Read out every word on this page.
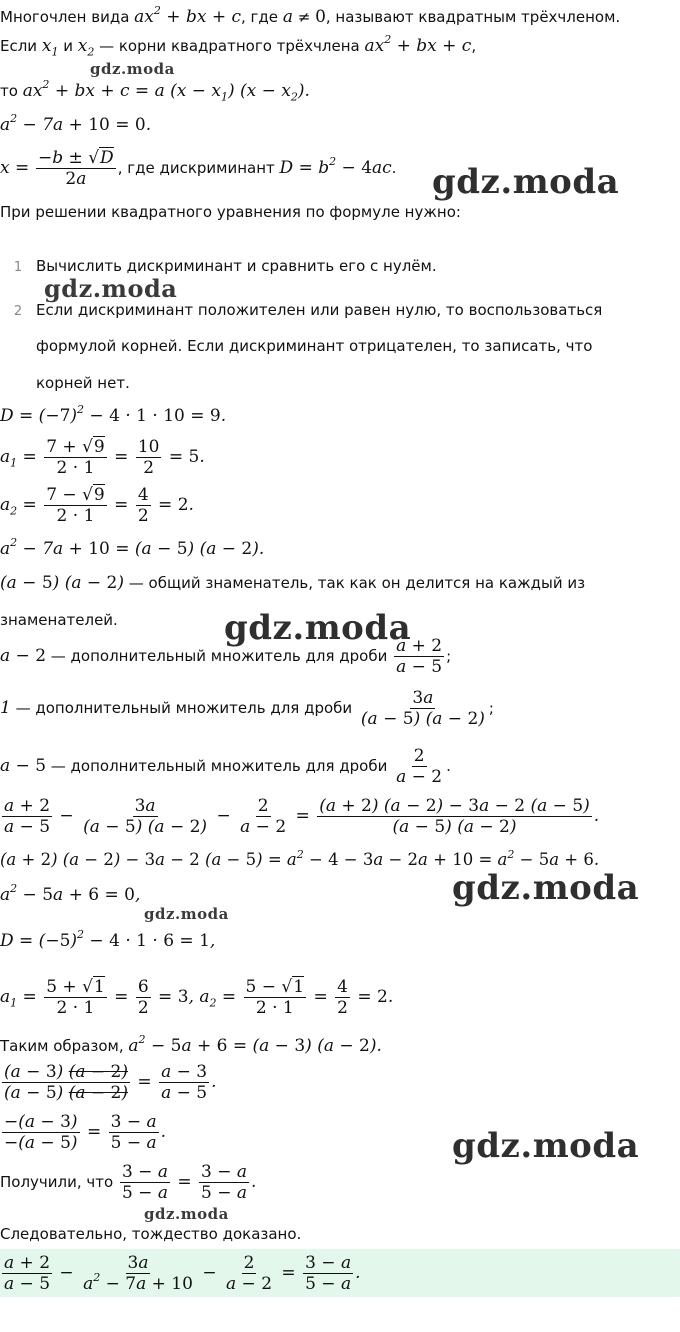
Многочлен вида $ax^2$ + bx + c, где a ≠ 0, называют квадратным трёхчленом.
Если $x_1$ и $x_2$ — корни квадратного трёхчлена $ax^2$ + bx + c,
gdz.moda
то $ax^2$ + bx + c = a $(x - x_1)$ $(x - x_2)$.
$a^2 - 7a + 10 = 0$.
$x = \frac{-b \pm √D}{2a}$ , где дискриминант $D = b^2 - 4ac$. gdz.moda
При решении квадратного уравнения по формуле нужно:
1 Вычислить дискриминант и сравнить его с нулём.
gdz.moda
2 Если дискриминант положителен или равен нулю, то воспользоваться
формулой корней. Если дискриминант отрицателен, то записать, что
корней нет.
$D = (-7)^2 - 4 \cdot 1 \cdot 10 = 9$.
$a_1 = \frac{7 + √9}{2 \cdot 1} = \frac{10}{2} = 5$.
$a_2 = \frac{7 - √9}{2 \cdot 1} = \frac{4}{2} = 2$.
$a^2 - 7a + 10 = (a - 5) (a - 2)$.
(a − 5) (a − 2) — общий знаменатель, так как он делится на каждый из
знаменателей.	gdz.moda
a − 2 — дополнительный множитель для дроби $\frac{a + 2}{a - 5}$ ;
1 — дополнительный множитель для дроби $\frac{3a}{(a - 5) (a - 2)}$ ;
a − 5 — дополнительный множитель для дроби $\frac{2}{a - 2}$ .
$\frac{a + 2}{a - 5} - \frac{3a}{(a - 5) (a - 2)} - \frac{2}{a - 2} = \frac{(a + 2) (a - 2) - 3a - 2 (a - 5)}{(a - 5) (a - 2)}$ .
(a + 2) (a − 2) − 3a − 2 $(a - 5) = a^2 - 4 - 3a - 2a + 10 = a^2 - 5a + 6$.
gdz.moda
$a^2 - 5a + 6 = 0$,
gdz.moda
$D = (-5)^2 - 4 \cdot 1 \cdot 6 = 1$,
$a_1 = \frac{5 + √1}{2 \cdot 1} = \frac{6}{2} = 3$, $a_2 = \frac{5 - √1}{2 \cdot 1} = \frac{4}{2} = 2$.
Таким образом, $a^2 - 5a + 6 = (a - 3) (a - 2)$.
$\frac{(a - 3) (a - 2)}{(a - 5) (a - 2)} = \frac{a - 3}{a - 5}$ .
$\frac{-(a - 3)}{-(a - 5)} = \frac{3 - a}{5 - a}$ .	gdz.moda
Получили, что $\frac{3 - a}{5 - a} = \frac{3 - a}{5 - a}$ .
gdz.moda
Следовательно, тождество доказано.
$\frac{a + 2}{a - 5} - \frac{3a}{a^2 - 7a + 10} - \frac{2}{a - 2} = \frac{3 - a}{5 - a}$ .
